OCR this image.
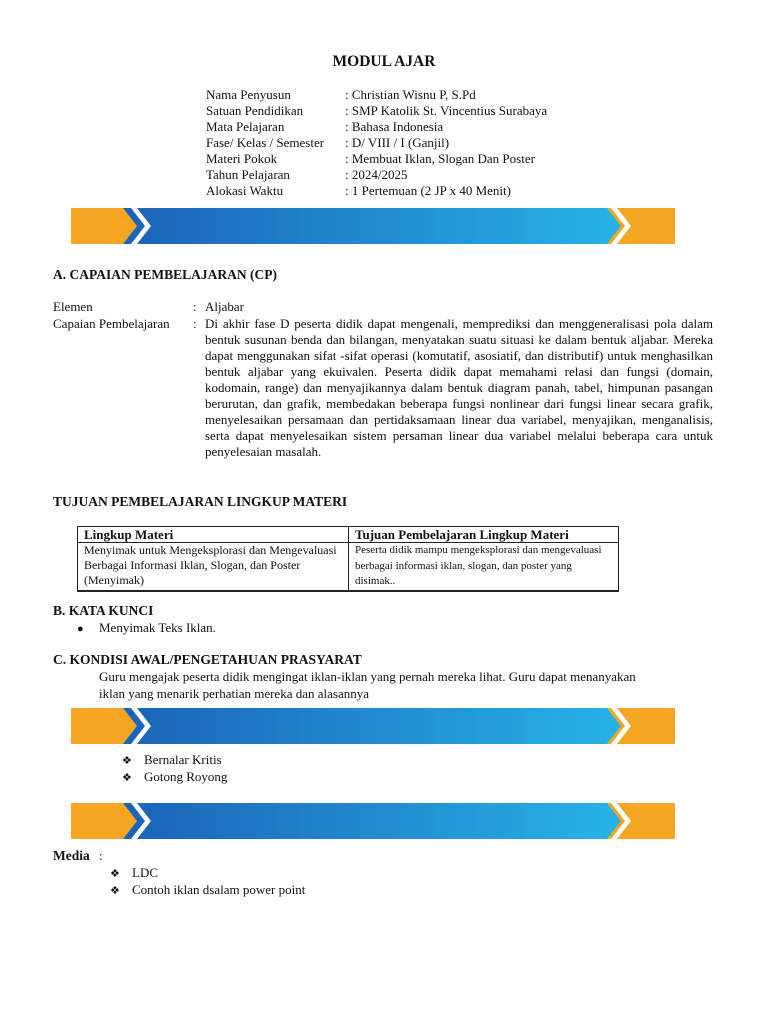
MODUL AJAR
Nama Penyusun	: Christian Wisnu P, S.Pd
Satuan Pendidikan	: SMP Katolik St. Vincentius Surabaya
Mata Pelajaran	: Bahasa Indonesia
Fase/ Kelas / Semester : D/ VIII / I (Ganjil)
Materi Pokok	: Membuat Iklan, Slogan Dan Poster
Tahun Pelajaran	: 2024/2025
Alokasi Waktu	: 1 Pertemuan (2 JP x 40 Menit)
A. CAPAIAN PEMBELAJARAN (CP)
Elemen	: Aljabar
Capaian Pembelajaran	: Di akhir fase D peserta didik dapat mengenali, memprediksi dan menggeneralisasi pola dalam bentuk susunan benda dan bilangan, menyatakan suatu situasi ke dalam bentuk aljabar. Mereka dapat menggunakan sifat -sifat operasi (komutatif, asosiatif, dan distributif) untuk menghasilkan bentuk aljabar yang ekuivalen. Peserta didik dapat memahami relasi dan fungsi (domain, kodomain, range) dan menyajikannya dalam bentuk diagram panah, tabel, himpunan pasangan berurutan, dan grafik, membedakan beberapa fungsi nonlinear dari fungsi linear secara grafik, menyelesaikan persamaan dan pertidaksamaan linear dua variabel, menyajikan, menganalisis, serta dapat menyelesaikan sistem persaman linear dua variabel melalui beberapa cara untuk penyelesaian masalah.
TUJUAN PEMBELAJARAN LINGKUP MATERI
Lingkup Materi	Tujuan Pembelajaran Lingkup Materi
Menyimak untuk Mengeksplorasi dan Mengevaluasi Berbagai Informasi Iklan, Slogan, dan Poster (Menyimak)	Peserta didik mampu mengeksplorasi dan mengevaluasi berbagai informasi iklan, slogan, dan poster yang disimak..
B. KATA KUNCI
● Menyimak Teks Iklan.
C. KONDISI AWAL/PENGETAHUAN PRASYARAT
Guru mengajak peserta didik mengingat iklan-iklan yang pernah mereka lihat. Guru dapat menanyakan iklan yang menarik perhatian mereka dan alasannya
❖ Bernalar Kritis
❖ Gotong Royong
Media :
❖ LDC
❖ Contoh iklan dsalam power point
